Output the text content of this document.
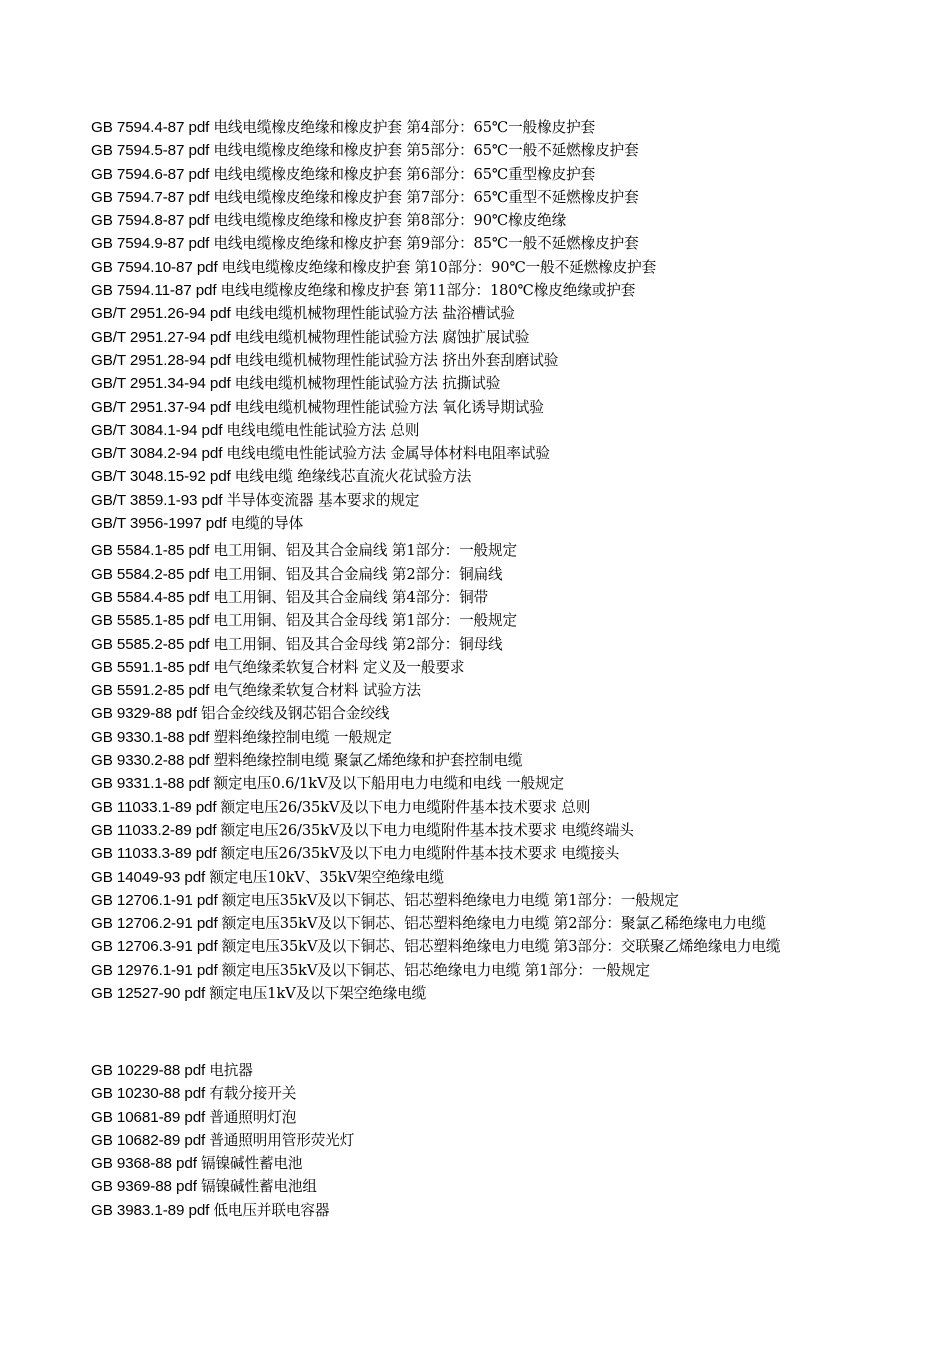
GB 7594.4-87 pdf 电线电缆橡皮绝缘和橡皮护套 第4部分：65℃一般橡皮护套
GB 7594.5-87 pdf 电线电缆橡皮绝缘和橡皮护套 第5部分：65℃一般不延燃橡皮护套
GB 7594.6-87 pdf 电线电缆橡皮绝缘和橡皮护套 第6部分：65℃重型橡皮护套
GB 7594.7-87 pdf 电线电缆橡皮绝缘和橡皮护套 第7部分：65℃重型不延燃橡皮护套
GB 7594.8-87 pdf 电线电缆橡皮绝缘和橡皮护套 第8部分：90℃橡皮绝缘
GB 7594.9-87 pdf 电线电缆橡皮绝缘和橡皮护套 第9部分：85℃一般不延燃橡皮护套
GB 7594.10-87 pdf 电线电缆橡皮绝缘和橡皮护套 第10部分：90℃一般不延燃橡皮护套
GB 7594.11-87 pdf 电线电缆橡皮绝缘和橡皮护套 第11部分：180℃橡皮绝缘或护套
GB/T 2951.26-94 pdf 电线电缆机械物理性能试验方法 盐浴槽试验
GB/T 2951.27-94 pdf 电线电缆机械物理性能试验方法 腐蚀扩展试验
GB/T 2951.28-94 pdf 电线电缆机械物理性能试验方法 挤出外套刮磨试验
GB/T 2951.34-94 pdf 电线电缆机械物理性能试验方法 抗撕试验
GB/T 2951.37-94 pdf 电线电缆机械物理性能试验方法 氧化诱导期试验
GB/T 3084.1-94 pdf 电线电缆电性能试验方法 总则
GB/T 3084.2-94 pdf 电线电缆电性能试验方法 金属导体材料电阻率试验
GB/T 3048.15-92 pdf 电线电缆 绝缘线芯直流火花试验方法
GB/T 3859.1-93 pdf 半导体变流器 基本要求的规定
GB/T 3956-1997 pdf 电缆的导体
GB 5584.1-85 pdf 电工用铜、铝及其合金扁线 第1部分：一般规定
GB 5584.2-85 pdf 电工用铜、铝及其合金扁线 第2部分：铜扁线
GB 5584.4-85 pdf 电工用铜、铝及其合金扁线 第4部分：铜带
GB 5585.1-85 pdf 电工用铜、铝及其合金母线 第1部分：一般规定
GB 5585.2-85 pdf 电工用铜、铝及其合金母线 第2部分：铜母线
GB 5591.1-85 pdf 电气绝缘柔软复合材料 定义及一般要求
GB 5591.2-85 pdf 电气绝缘柔软复合材料 试验方法
GB 9329-88 pdf 铝合金绞线及钢芯铝合金绞线
GB 9330.1-88 pdf 塑料绝缘控制电缆 一般规定
GB 9330.2-88 pdf 塑料绝缘控制电缆 聚氯乙烯绝缘和护套控制电缆
GB 9331.1-88 pdf 额定电压0.6/1kV及以下船用电力电缆和电线 一般规定
GB 11033.1-89 pdf 额定电压26/35kV及以下电力电缆附件基本技术要求 总则
GB 11033.2-89 pdf 额定电压26/35kV及以下电力电缆附件基本技术要求 电缆终端头
GB 11033.3-89 pdf 额定电压26/35kV及以下电力电缆附件基本技术要求 电缆接头
GB 14049-93 pdf 额定电压10kV、35kV架空绝缘电缆
GB 12706.1-91 pdf 额定电压35kV及以下铜芯、铝芯塑料绝缘电力电缆 第1部分：一般规定
GB 12706.2-91 pdf 额定电压35kV及以下铜芯、铝芯塑料绝缘电力电缆 第2部分：聚氯乙稀绝缘电力电缆
GB 12706.3-91 pdf 额定电压35kV及以下铜芯、铝芯塑料绝缘电力电缆 第3部分：交联聚乙烯绝缘电力电缆
GB 12976.1-91 pdf 额定电压35kV及以下铜芯、铝芯绝缘电力电缆 第1部分：一般规定
GB 12527-90 pdf 额定电压1kV及以下架空绝缘电缆
GB 10229-88 pdf 电抗器
GB 10230-88 pdf 有载分接开关
GB 10681-89 pdf 普通照明灯泡
GB 10682-89 pdf 普通照明用管形荧光灯
GB 9368-88 pdf 镉镍碱性蓄电池
GB 9369-88 pdf 镉镍碱性蓄电池组
GB 3983.1-89 pdf 低电压并联电容器
